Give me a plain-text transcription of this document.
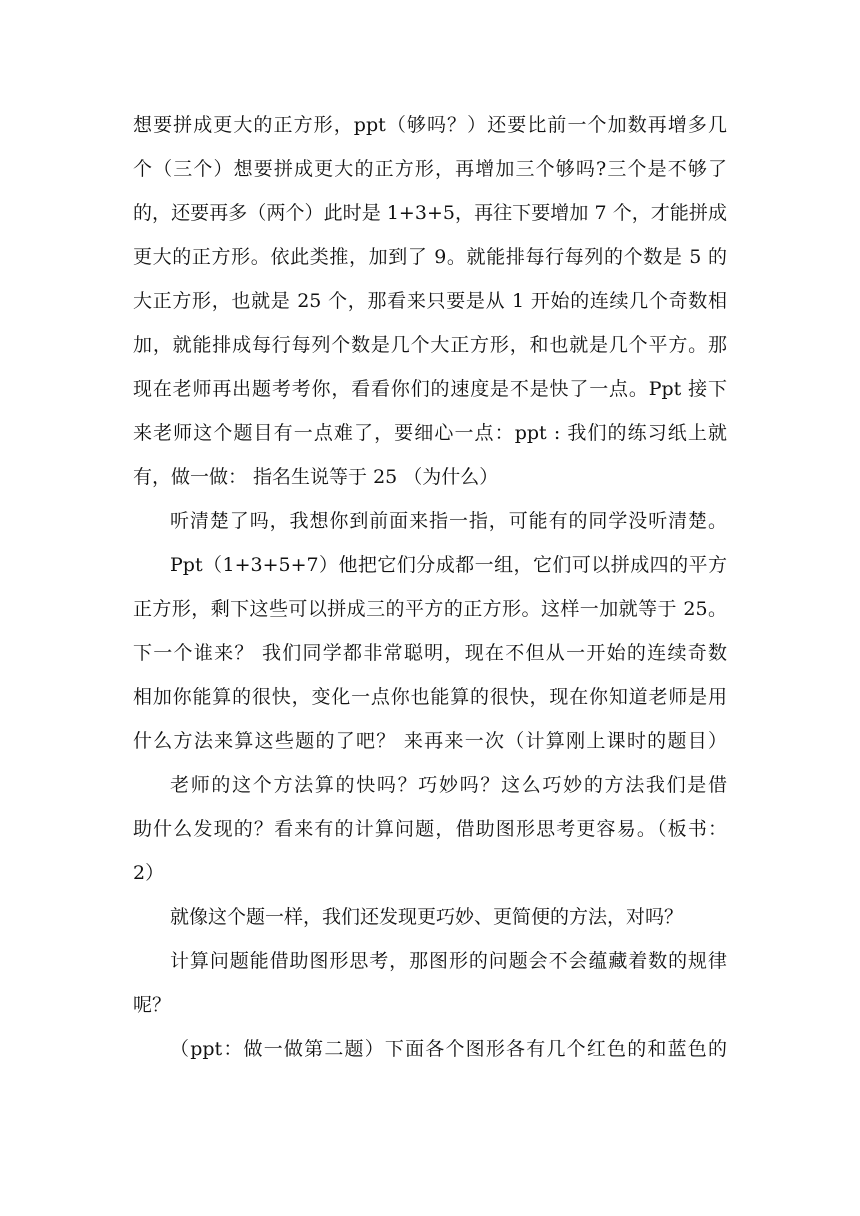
想要拼成更大的正方形，ppt（够吗？）还要比前一个加数再增多几
个（三个）想要拼成更大的正方形，再增加三个够吗?三个是不够了
的，还要再多（两个）此时是 1+3+5，再往下要增加 7 个，才能拼成
更大的正方形。依此类推，加到了 9。就能排每行每列的个数是 5 的
大正方形，也就是 25 个，那看来只要是从 1 开始的连续几个奇数相
加，就能排成每行每列个数是几个大正方形，和也就是几个平方。那
现在老师再出题考考你，看看你们的速度是不是快了一点。Ppt 接下
来老师这个题目有一点难了，要细心一点：ppt : 我们的练习纸上就
有，做一做： 指名生说等于 25 （为什么）
听清楚了吗，我想你到前面来指一指，可能有的同学没听清楚。
Ppt（1+3+5+7）他把它们分成都一组，它们可以拼成四的平方
正方形，剩下这些可以拼成三的平方的正方形。这样一加就等于 25。
下一个谁来？ 我们同学都非常聪明，现在不但从一开始的连续奇数
相加你能算的很快，变化一点你也能算的很快，现在你知道老师是用
什么方法来算这些题的了吧？ 来再来一次（计算刚上课时的题目）
老师的这个方法算的快吗？巧妙吗？这么巧妙的方法我们是借
助什么发现的？看来有的计算问题，借助图形思考更容易。（板书：
2）
就像这个题一样，我们还发现更巧妙、更简便的方法，对吗？
计算问题能借助图形思考，那图形的问题会不会蕴藏着数的规律
呢？
（ppt：做一做第二题）下面各个图形各有几个红色的和蓝色的
